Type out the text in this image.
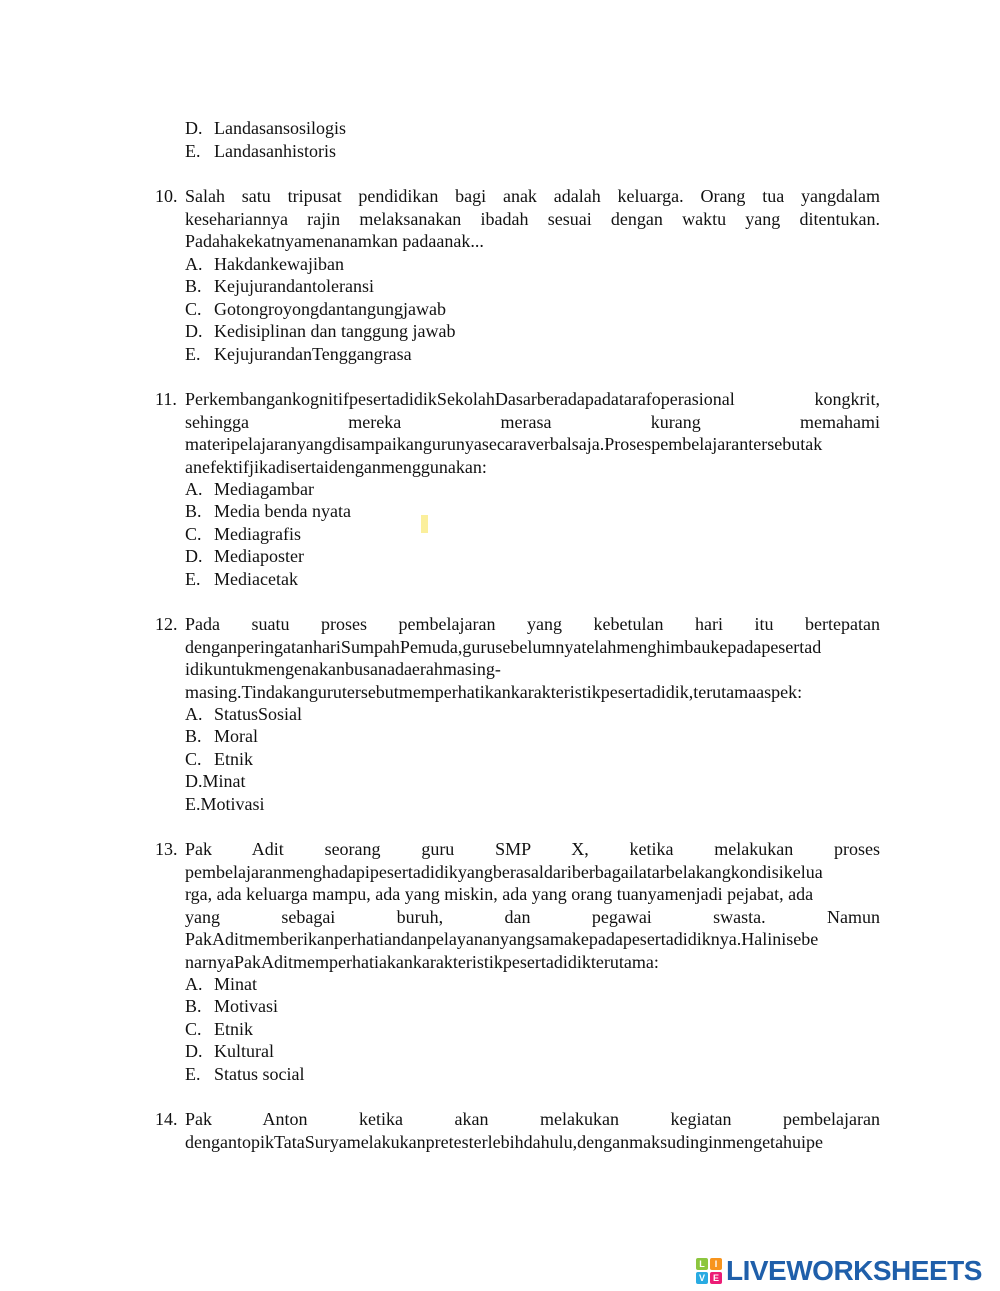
D. Landasansosilogis
E. Landasanhistoris
10. Salah satu tripusat pendidikan bagi anak adalah keluarga. Orang tua yangdalam
kesehariannya rajin melaksanakan ibadah sesuai dengan waktu yang ditentukan.
Padahakekatnyamenanamkan padaanak...
A. Hakdankewajiban
B. Kejujurandantoleransi
C. Gotongroyongdantangungjawab
D. Kedisiplinan dan tanggung jawab
E. KejujurandanTenggangrasa
11. PerkembangankognitifpesertadidikSekolahDasarberadapadatarafoperasional kongkrit,
sehingga mereka merasa kurang memahami
materipelajaranyangdisampaikangurunyasecaraverbalsaja.Prosespembelajarantersebutak
anefektifjikadisertaidenganmenggunakan:
A. Mediagambar
B. Media benda nyata
C. Mediagrafis
D. Mediaposter
E. Mediacetak
12. Pada suatu proses pembelajaran yang kebetulan hari itu bertepatan
denganperingatanhariSumpahPemuda,gurusebelumnyatelahmenghimbaukepadapesertad
idikuntukmengenakanbusanadaerahmasing-
masing.Tindakangurutersebutmemperhatikankarakteristikpesertadidik,terutamaaspek:
A. StatusSosial
B. Moral
C. Etnik
D.Minat
E.Motivasi
13. Pak Adit seorang guru SMP X, ketika melakukan proses
pembelajaranmenghadapipesertadidikyangberasaldariberbagailatarbelakangkondisikelua
rga, ada keluarga mampu, ada yang miskin, ada yang orang tuanyamenjadi pejabat, ada
yang sebagai buruh, dan pegawai swasta. Namun
PakAditmemberikanperhatiandanpelayananyangsamakepadapesertadidiknya.Halinisebe
narnyaPakAditmemperhatiakankarakteristikpesertadidikterutama:
A. Minat
B. Motivasi
C. Etnik
D. Kultural
E. Status social
14. Pak Anton ketika akan melakukan kegiatan pembelajaran
dengantopikTataSuryamelakukanpretesterlebihdahulu,denganmaksudinginmengetahuipe
L I
V E LIVEWORKSHEETS
